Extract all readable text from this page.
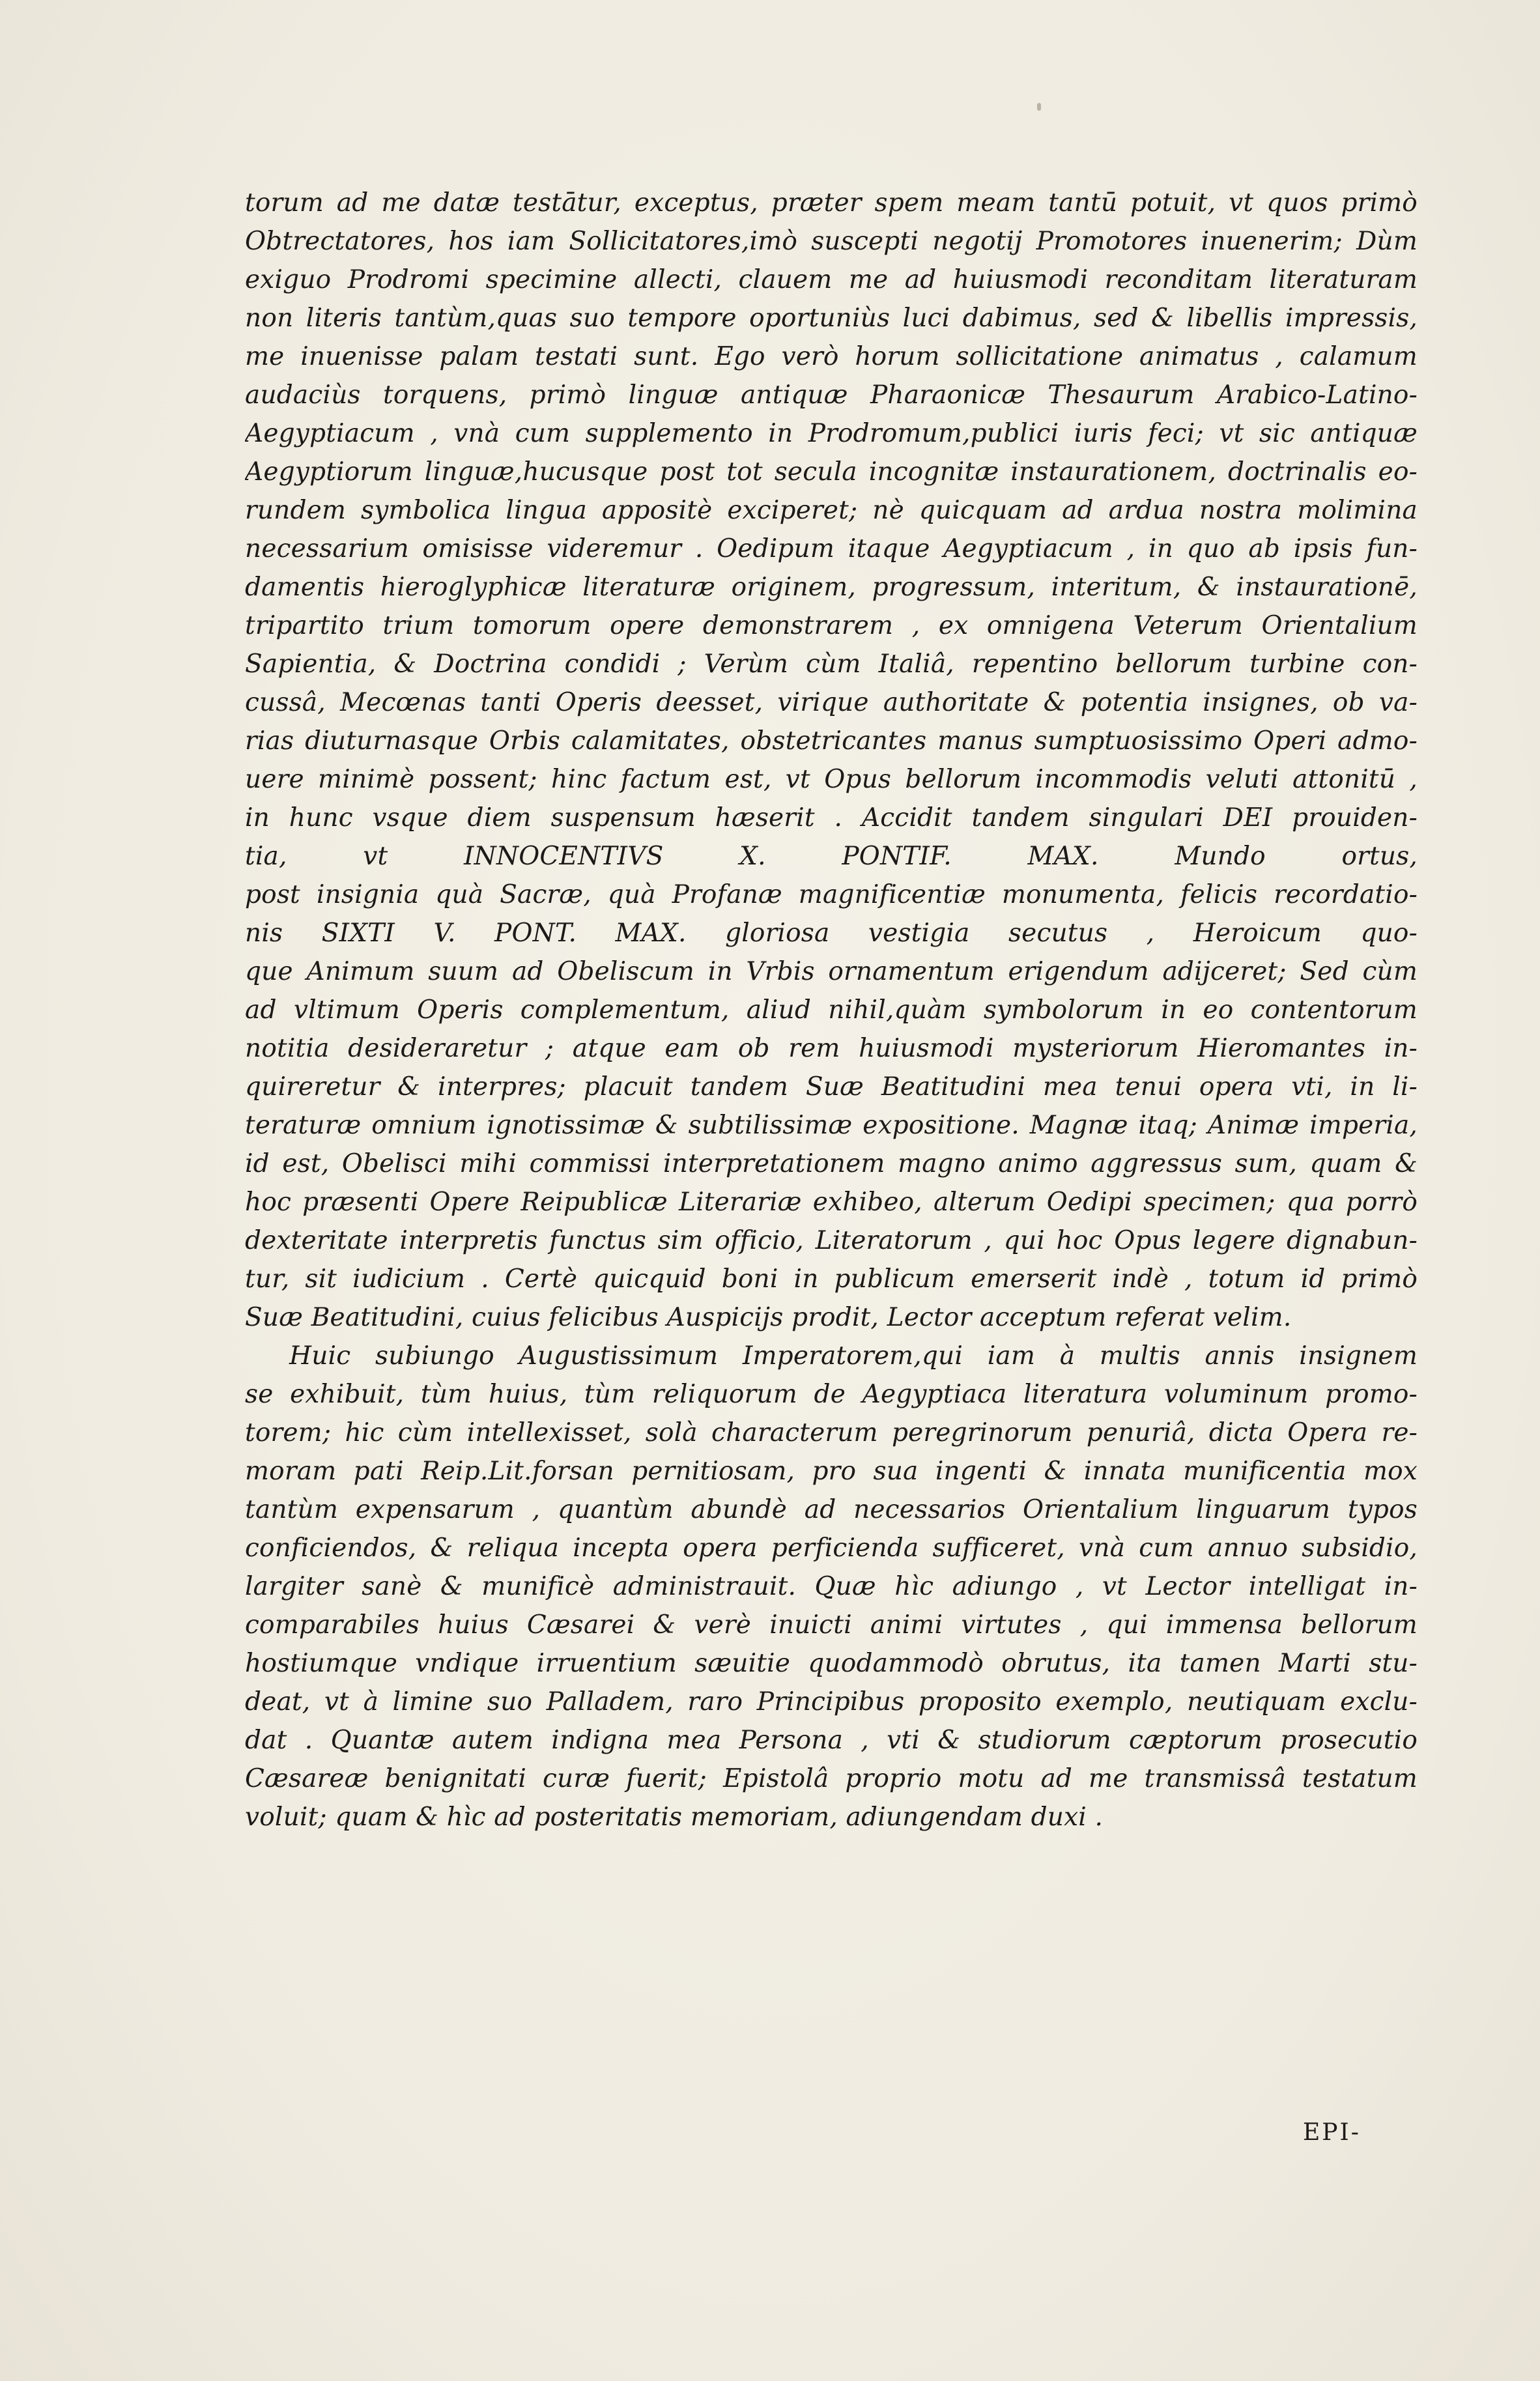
torum ad me datæ testātur, exceptus, præter spem meam tantū potuit, vt quos primò
Obtrectatores, hos iam Sollicitatores,imò suscepti negotij Promotores inuenerim; Dùm
exiguo Prodromi specimine allecti, clauem me ad huiusmodi reconditam literaturam
non literis tantùm,quas suo tempore oportuniùs luci dabimus, sed & libellis impressis,
me inuenisse palam testati sunt. Ego verò horum sollicitatione animatus , calamum
audaciùs torquens, primò linguæ antiquæ Pharaonicæ Thesaurum Arabico-Latino-
Aegyptiacum , vnà cum supplemento in Prodromum,publici iuris feci; vt sic antiquæ
Aegyptiorum linguæ,hucusque post tot secula incognitæ instaurationem, doctrinalis eo-
rundem symbolica lingua appositè exciperet; nè quicquam ad ardua nostra molimina
necessarium omisisse videremur . Oedipum itaque Aegyptiacum , in quo ab ipsis fun-
damentis hieroglyphicæ literaturæ originem, progressum, interitum, & instaurationē,
tripartito trium tomorum opere demonstrarem , ex omnigena Veterum Orientalium
Sapientia, & Doctrina condidi ; Verùm cùm Italiâ, repentino bellorum turbine con-
cussâ, Mecœnas tanti Operis deesset, virique authoritate & potentia insignes, ob va-
rias diuturnasque Orbis calamitates, obstetricantes manus sumptuosissimo Operi admo-
uere minimè possent; hinc factum est, vt Opus bellorum incommodis veluti attonitū ,
in hunc vsque diem suspensum hæserit . Accidit tandem singulari DEI prouiden-
tia, vt INNOCENTIVS X. PONTIF. MAX. Mundo ortus,
post insignia quà Sacræ, quà Profanæ magnificentiæ monumenta, felicis recordatio-
nis SIXTI V. PONT. MAX. gloriosa vestigia secutus , Heroicum quo-
que Animum suum ad Obeliscum in Vrbis ornamentum erigendum adijceret; Sed cùm
ad vltimum Operis complementum, aliud nihil,quàm symbolorum in eo contentorum
notitia desideraretur ; atque eam ob rem huiusmodi mysteriorum Hieromantes in-
quireretur & interpres; placuit tandem Suæ Beatitudini mea tenui opera vti, in li-
teraturæ omnium ignotissimæ & subtilissimæ expositione. Magnæ itaq; Animæ imperia,
id est, Obelisci mihi commissi interpretationem magno animo aggressus sum, quam &
hoc præsenti Opere Reipublicæ Literariæ exhibeo, alterum Oedipi specimen; qua porrò
dexteritate interpretis functus sim officio, Literatorum , qui hoc Opus legere dignabun-
tur, sit iudicium . Certè quicquid boni in publicum emerserit indè , totum id primò
Suæ Beatitudini, cuius felicibus Auspicijs prodit, Lector acceptum referat velim.
Huic subiungo Augustissimum Imperatorem,qui iam à multis annis insignem
se exhibuit, tùm huius, tùm reliquorum de Aegyptiaca literatura voluminum promo-
torem; hic cùm intellexisset, solà characterum peregrinorum penuriâ, dicta Opera re-
moram pati Reip.Lit.forsan pernitiosam, pro sua ingenti & innata munificentia mox
tantùm expensarum , quantùm abundè ad necessarios Orientalium linguarum typos
conficiendos, & reliqua incepta opera perficienda sufficeret, vnà cum annuo subsidio,
largiter sanè & munificè administrauit. Quæ hìc adiungo , vt Lector intelligat in-
comparabiles huius Cæsarei & verè inuicti animi virtutes , qui immensa bellorum
hostiumque vndique irruentium sæuitie quodammodò obrutus, ita tamen Marti stu-
deat, vt à limine suo Palladem, raro Principibus proposito exemplo, neutiquam exclu-
dat . Quantæ autem indigna mea Persona , vti & studiorum cæptorum prosecutio
Cæsareæ benignitati curæ fuerit; Epistolâ proprio motu ad me transmissâ testatum
voluit; quam & hìc ad posteritatis memoriam, adiungendam duxi .
EPI-
